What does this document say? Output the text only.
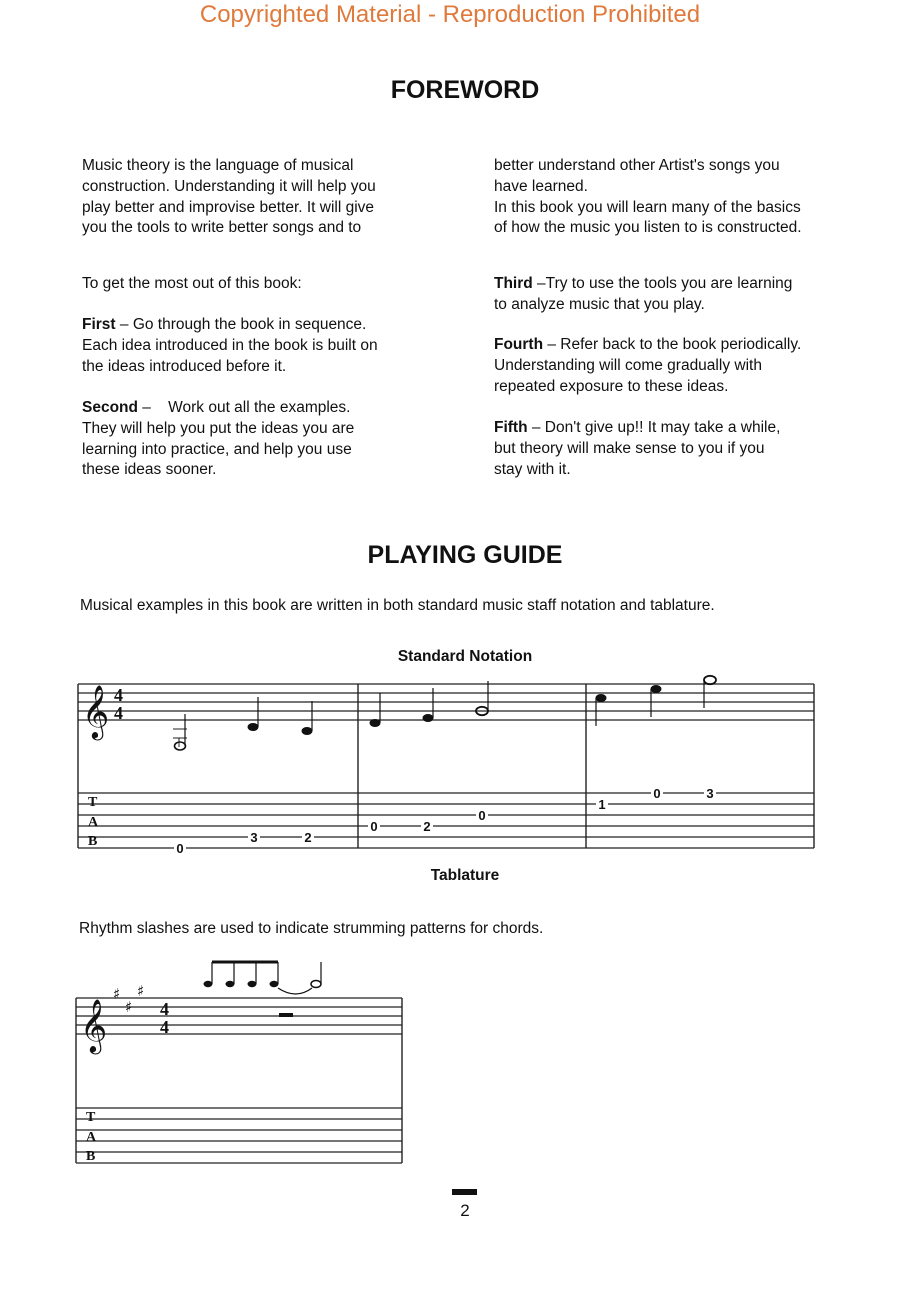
Copyrighted Material - Reproduction Prohibited
FOREWORD
Music theory is the language of musical
construction. Understanding it will help you
play better and improvise better. It will give
you the tools to write better songs and to
better understand other Artist's songs you
have learned.
In this book you will learn many of the basics
of how the music you listen to is constructed.
To get the most out of this book:
First – Go through the book in sequence.
Each idea introduced in the book is built on
the ideas introduced before it.
Second –    Work out all the examples.
They will help you put the ideas you are
learning into practice, and help you use
these ideas sooner.
Third –Try to use the tools you are learning
to analyze music that you play.
Fourth – Refer back to the book periodically.
Understanding will come gradually with
repeated exposure to these ideas.
Fifth – Don't give up!! It may take a while,
but theory will make sense to you if you
stay with it.
PLAYING GUIDE
Musical examples in this book are written in both standard music staff notation and tablature.
Standard Notation
𝄞 4
4
T
A
B	0
3	2
0	2
0
1
0	3
𝄞
♯
♯
♯
4
4
T
A
B
Tablature
Rhythm slashes are used to indicate strumming patterns for chords.
2
